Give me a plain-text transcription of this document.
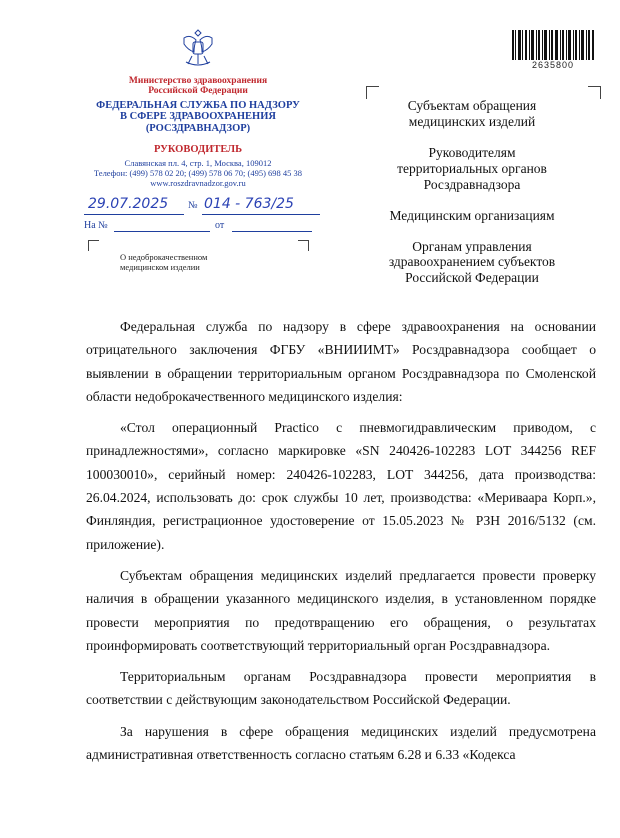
2635800
Министерство здравоохранения
Российской Федерации
ФЕДЕРАЛЬНАЯ СЛУЖБА ПО НАДЗОРУ
В СФЕРЕ ЗДРАВООХРАНЕНИЯ
(РОСЗДРАВНАДЗОР)
РУКОВОДИТЕЛЬ
Славянская пл. 4, стр. 1, Москва, 109012
Телефон: (499) 578 02 20; (499) 578 06 70; (495) 698 45 38
www.roszdravnadzor.gov.ru
29.07.2025 № 014 - 763/25
На №	от
О недоброкачественном
медицинском изделии

Субъектам обращения
медицинских изделий

Руководителям
территориальных органов
Росздравнадзора

Медицинским организациям

Органам управления
здравоохранением субъектов
Российской Федерации

Федеральная служба по надзору в сфере здравоохранения на основании отрицательного заключения ФГБУ «ВНИИИМТ» Росздравнадзора сообщает о выявлении в обращении территориальным органом Росздравнадзора по Смоленской области недоброкачественного медицинского изделия:

«Стол операционный Practico с пневмогидравлическим приводом, с принадлежностями», согласно маркировке «SN 240426-102283 LOT 344256 REF 100030010», серийный номер: 240426-102283, LOT 344256, дата производства: 26.04.2024, использовать до: срок службы 10 лет, производства: «Мериваара Корп.», Финляндия, регистрационное удостоверение от 15.05.2023 № РЗН 2016/5132 (см. приложение).

Субъектам обращения медицинских изделий предлагается провести проверку наличия в обращении указанного медицинского изделия, в установленном порядке провести мероприятия по предотвращению его обращения, о результатах проинформировать соответствующий территориальный орган Росздравнадзора.

Территориальным органам Росздравнадзора провести мероприятия в соответствии с действующим законодательством Российской Федерации.

За нарушения в сфере обращения медицинских изделий предусмотрена административная ответственность согласно статьям 6.28 и 6.33 «Кодекса
